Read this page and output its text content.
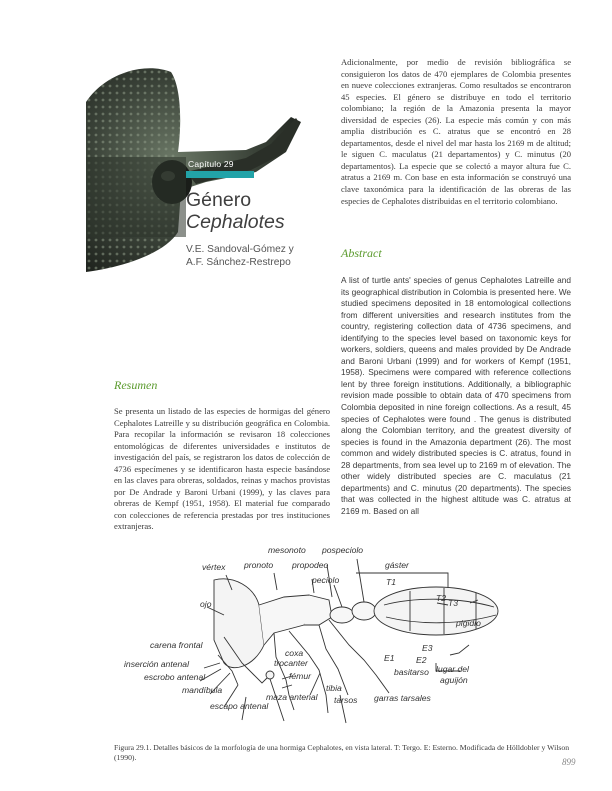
Capítulo 29
Género
Cephalotes
V.E. Sandoval-Gómez y
A.F. Sánchez-Restrepo

Adicionalmente, por medio de revisión bibliográfica se consiguieron los datos de 470 ejemplares de Colombia presentes en nueve colecciones extranjeras. Como resultados se encontraron 45 especies. El género se distribuye en todo el territorio colombiano; la región de la Amazonia presenta la mayor diversidad de especies (26). La especie más común y con más amplia distribución es C. atratus que se encontró en 28 departamentos, desde el nivel del mar hasta los 2169 m de altitud; le siguen C. maculatus (21 departamentos) y C. minutus (20 departamentos). La especie que se colectó a mayor altura fue C. atratus a 2169 m. Con base en esta información se construyó una clave taxonómica para la identificación de las obreras de las especies de Cephalotes distribuidas en el territorio colombiano.

Abstract

A list of turtle ants' species of genus Cephalotes Latreille and its geographical distribution in Colombia is presented here. We studied specimens deposited in 18 entomological collections from different universities and research institutes from the country, registering collection data of 4736 specimens, and identifying to the species level based on taxonomic keys for workers, soldiers, queens and males provided by De Andrade and Baroni Urbani (1999) and for workers of Kempf (1951, 1958). Specimens were compared with reference collections lent by three foreign institutions. Additionally, a bibliographic revision made possible to obtain data of 470 specimens from Colombia deposited in nine foreign collections. As a result, 45 species of Cephalotes were found . The genus is distributed along the Colombian territory, and the greatest diversity of species is found in the Amazonia department (26). The most common and widely distributed species is C. atratus, found in 28 departments, from sea level up to 2169 m of elevation. The other widely distributed species are C. maculatus (21 departments) and C. minutus (20 departments). The species that was collected in the highest altitude was C. atratus at 2169 m. Based on all

Resumen

Se presenta un listado de las especies de hormigas del género Cephalotes Latreille y su distribución geográfica en Colombia. Para recopilar la información se revisaron 18 colecciones entomológicas de diferentes universidades e institutos de investigación del país, se registraron los datos de colección de 4736 especímenes y se identificaron hasta especie basándose en las claves para obreras, soldados, reinas y machos provistas por De Andrade y Baroni Urbani (1999), y las claves para obreras de Kempf (1951, 1958). El material fue comparado con colecciones de referencia prestadas por tres instituciones extranjeras.

vértex pronoto
mesonoto
propodeo
pospeciolo
peciolo
gáster
ojo
T1
T2 T3
pigidio
carena frontal
inserción antenal
escrobo antenal
mandíbula
escapo antenal
coxa
trocanter
fémur
maza antenal
tibia
tarsos
E1 E2
E3
basitarso
garras tarsales
lugar del
aguijón
Figura 29.1. Detalles básicos de la morfología de una hormiga Cephalotes, en vista lateral. T: Tergo. E: Esterno. Modificada de Hölldobler y Wilson (1990).	899
